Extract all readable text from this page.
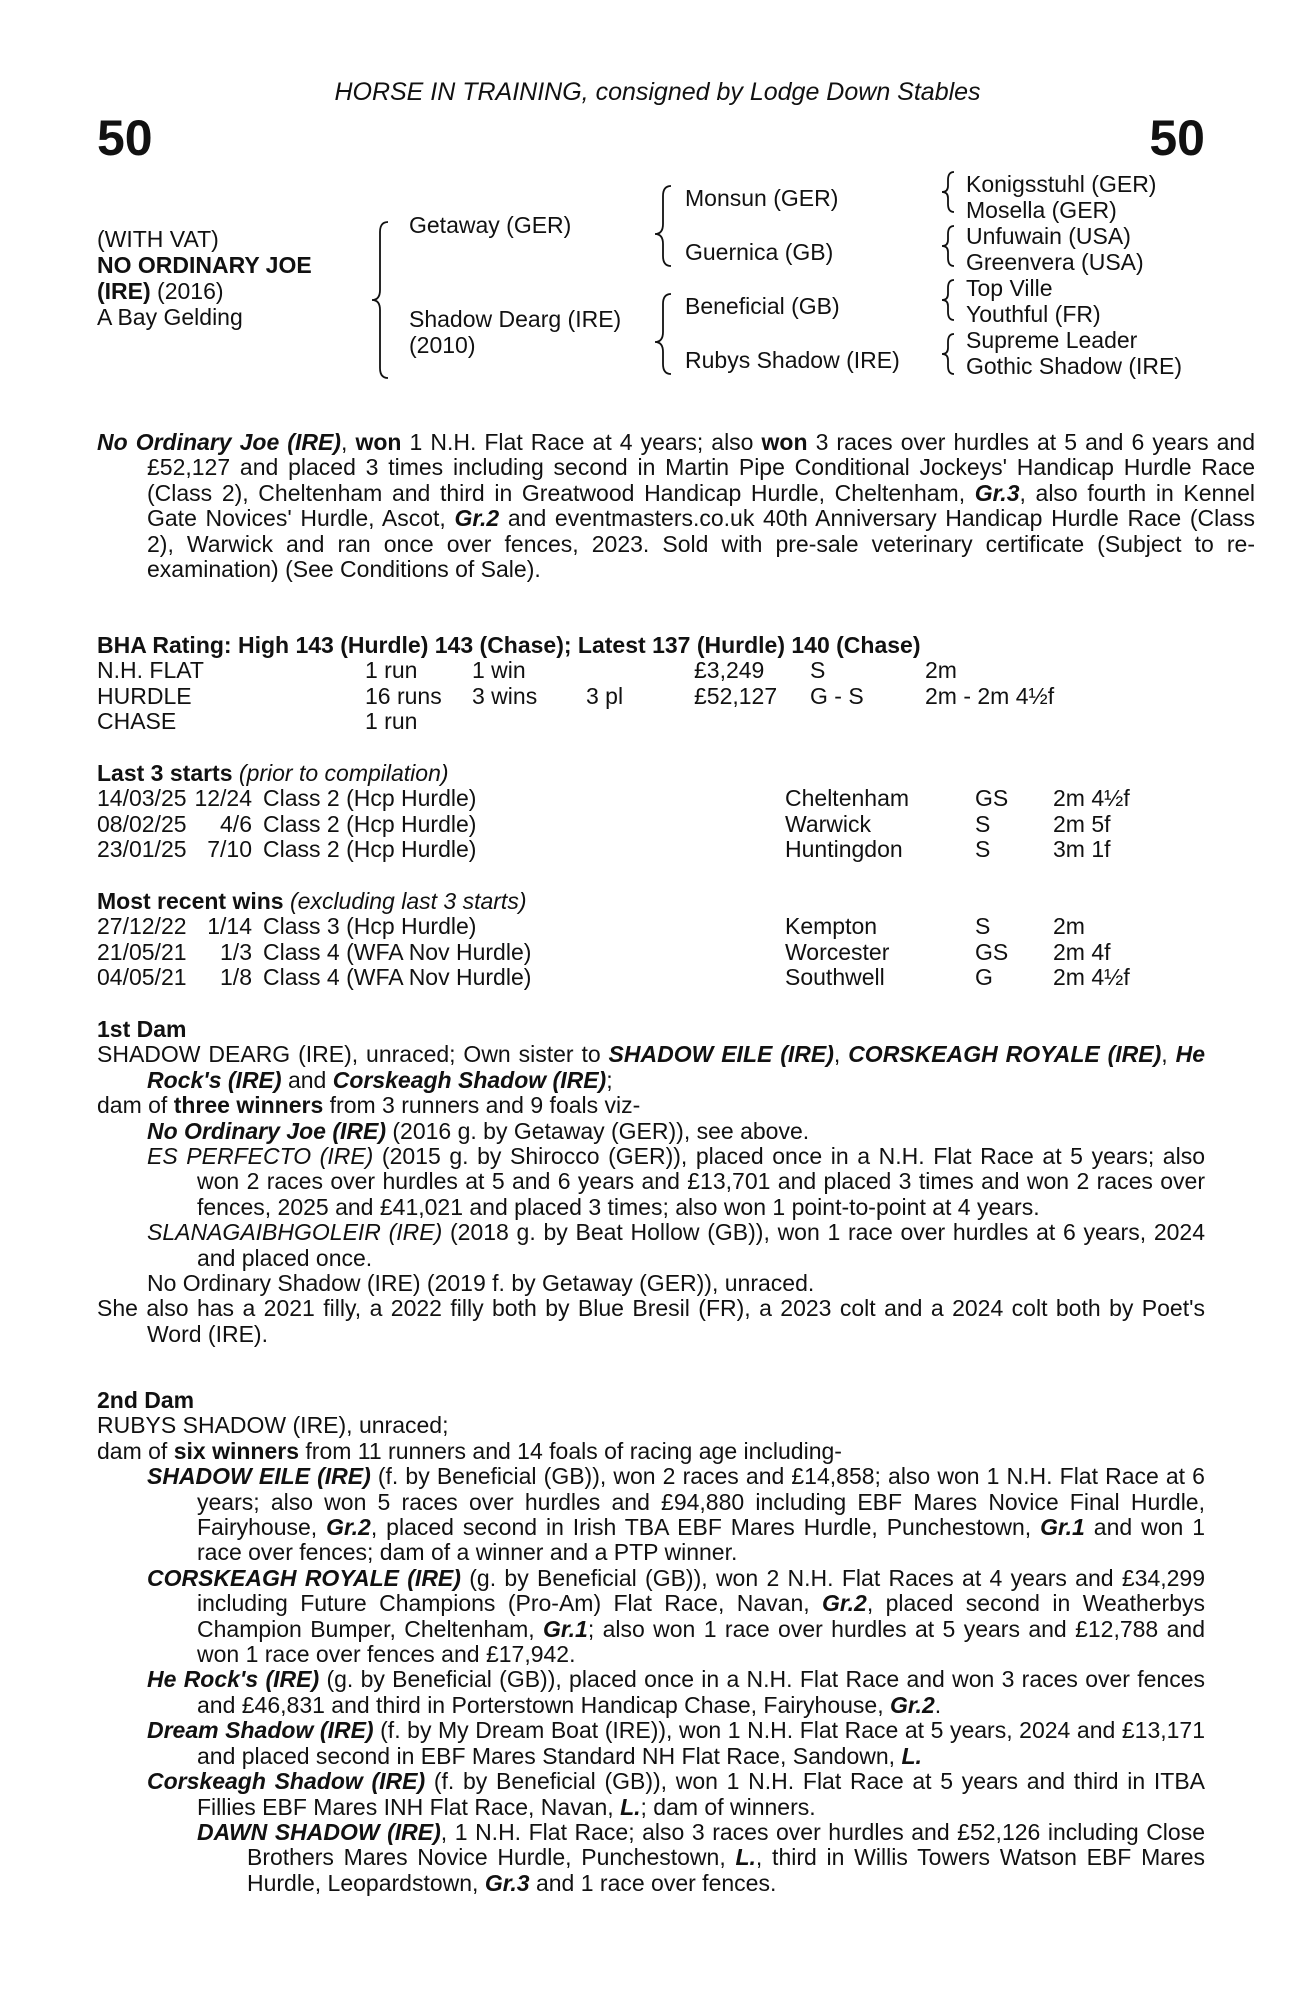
HORSE IN TRAINING, consigned by Lodge Down Stables
50	50
(WITH VAT)
NO ORDINARY JOE
(IRE) (2016)
A Bay Gelding
Getaway (GER)
Shadow Dearg (IRE)
(2010)
Monsun (GER)
Guernica (GB)
Beneficial (GB)
Rubys Shadow (IRE)
Konigsstuhl (GER)
Mosella (GER)
Unfuwain (USA)
Greenvera (USA)
Top Ville
Youthful (FR)
Supreme Leader
Gothic Shadow (IRE)
No Ordinary Joe (IRE), won 1 N.H. Flat Race at 4 years; also won 3 races over hurdles at 5 and 6 years and £52,127 and placed 3 times including second in Martin Pipe Conditional Jockeys' Handicap Hurdle Race (Class 2), Cheltenham and third in Greatwood Handicap Hurdle, Cheltenham, Gr.3, also fourth in Kennel Gate Novices' Hurdle, Ascot, Gr.2 and eventmasters.co.uk 40th Anniversary Handicap Hurdle Race (Class 2), Warwick and ran once over fences, 2023. Sold with pre-sale veterinary certificate (Subject to re-examination) (See Conditions of Sale).
BHA Rating: High 143 (Hurdle) 143 (Chase); Latest 137 (Hurdle) 140 (Chase)
N.H. FLAT	1 run	1 win		£3,249	S	2m
HURDLE	16 runs	3 wins	3 pl	£52,127	G - S	2m - 2m 4½f
CHASE	1 run					
Last 3 starts (prior to compilation)
14/03/25	12/24	Class 2 (Hcp Hurdle)	Cheltenham	GS	2m 4½f
08/02/25	4/6	Class 2 (Hcp Hurdle)	Warwick	S	2m 5f
23/01/25	7/10	Class 2 (Hcp Hurdle)	Huntingdon	S	3m 1f
Most recent wins (excluding last 3 starts)
27/12/22	1/14	Class 3 (Hcp Hurdle)	Kempton	S	2m
21/05/21	1/3	Class 4 (WFA Nov Hurdle)	Worcester	GS	2m 4f
04/05/21	1/8	Class 4 (WFA Nov Hurdle)	Southwell	G	2m 4½f
1st Dam
SHADOW DEARG (IRE), unraced; Own sister to SHADOW EILE (IRE), CORSKEAGH ROYALE (IRE), He Rock's (IRE) and Corskeagh Shadow (IRE);
dam of three winners from 3 runners and 9 foals viz-
No Ordinary Joe (IRE) (2016 g. by Getaway (GER)), see above.
ES PERFECTO (IRE) (2015 g. by Shirocco (GER)), placed once in a N.H. Flat Race at 5 years; also won 2 races over hurdles at 5 and 6 years and £13,701 and placed 3 times and won 2 races over fences, 2025 and £41,021 and placed 3 times; also won 1 point-to-point at 4 years.
SLANAGAIBHGOLEIR (IRE) (2018 g. by Beat Hollow (GB)), won 1 race over hurdles at 6 years, 2024 and placed once.
No Ordinary Shadow (IRE) (2019 f. by Getaway (GER)), unraced.
She also has a 2021 filly, a 2022 filly both by Blue Bresil (FR), a 2023 colt and a 2024 colt both by Poet's Word (IRE).
2nd Dam
RUBYS SHADOW (IRE), unraced;
dam of six winners from 11 runners and 14 foals of racing age including-
SHADOW EILE (IRE) (f. by Beneficial (GB)), won 2 races and £14,858; also won 1 N.H. Flat Race at 6 years; also won 5 races over hurdles and £94,880 including EBF Mares Novice Final Hurdle, Fairyhouse, Gr.2, placed second in Irish TBA EBF Mares Hurdle, Punchestown, Gr.1 and won 1 race over fences; dam of a winner and a PTP winner.
CORSKEAGH ROYALE (IRE) (g. by Beneficial (GB)), won 2 N.H. Flat Races at 4 years and £34,299 including Future Champions (Pro-Am) Flat Race, Navan, Gr.2, placed second in Weatherbys Champion Bumper, Cheltenham, Gr.1; also won 1 race over hurdles at 5 years and £12,788 and won 1 race over fences and £17,942.
He Rock's (IRE) (g. by Beneficial (GB)), placed once in a N.H. Flat Race and won 3 races over fences and £46,831 and third in Porterstown Handicap Chase, Fairyhouse, Gr.2.
Dream Shadow (IRE) (f. by My Dream Boat (IRE)), won 1 N.H. Flat Race at 5 years, 2024 and £13,171 and placed second in EBF Mares Standard NH Flat Race, Sandown, L.
Corskeagh Shadow (IRE) (f. by Beneficial (GB)), won 1 N.H. Flat Race at 5 years and third in ITBA Fillies EBF Mares INH Flat Race, Navan, L.; dam of winners.
DAWN SHADOW (IRE), 1 N.H. Flat Race; also 3 races over hurdles and £52,126 including Close Brothers Mares Novice Hurdle, Punchestown, L., third in Willis Towers Watson EBF Mares Hurdle, Leopardstown, Gr.3 and 1 race over fences.
